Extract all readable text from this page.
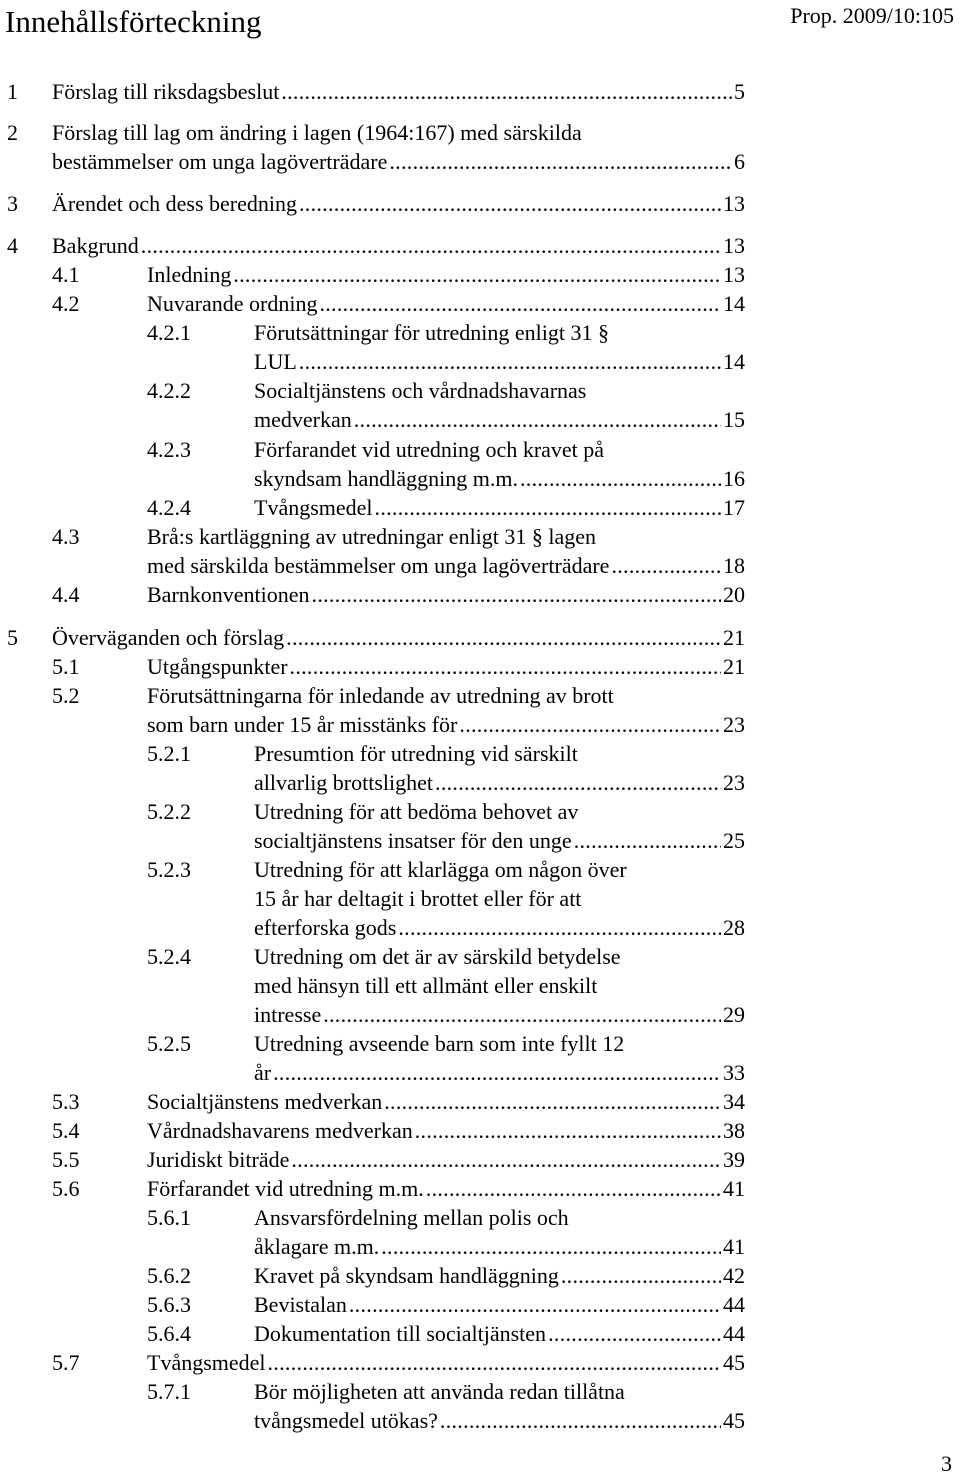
Innehållsförteckning	Prop. 2009/10:105
1 Förslag till riksdagsbeslut . . .	5
2 Förslag till lag om ändring i lagen (1964:167) med särskilda
bestämmelser om unga lagöverträdare . . .	6
3 Ärendet och dess beredning . . .	13
4 Bakgrund . . .	13
4.1	Inledning . . .	13
4.2	Nuvarande ordning . . .	14
4.2.1	Förutsättningar för utredning enligt 31 §
LUL . . .	14
4.2.2	Socialtjänstens och vårdnadshavarnas
medverkan . . .	15
4.2.3	Förfarandet vid utredning och kravet på
skyndsam handläggning m.m. . . .	16
4.2.4	Tvångsmedel . . .	17
4.3	Brå:s kartläggning av utredningar enligt 31 § lagen
med särskilda bestämmelser om unga lagöverträdare . . .	18
4.4	Barnkonventionen . . .	20
5 Överväganden och förslag . . .	21
5.1	Utgångspunkter . . .	21
5.2	Förutsättningarna för inledande av utredning av brott
som barn under 15 år misstänks för . . .	23
5.2.1	Presumtion för utredning vid särskilt
allvarlig brottslighet . . .	23
5.2.2	Utredning för att bedöma behovet av
socialtjänstens insatser för den unge . . .	25
5.2.3	Utredning för att klarlägga om någon över
15 år har deltagit i brottet eller för att
efterforska gods . . .	28
5.2.4	Utredning om det är av särskild betydelse
med hänsyn till ett allmänt eller enskilt
intresse . . .	29
5.2.5	Utredning avseende barn som inte fyllt 12
år . . .	33
5.3	Socialtjänstens medverkan . . .	34
5.4	Vårdnadshavarens medverkan . . .	38
5.5	Juridiskt biträde . . .	39
5.6	Förfarandet vid utredning m.m. . . .	41
5.6.1	Ansvarsfördelning mellan polis och
åklagare m.m. . . .	41
5.6.2	Kravet på skyndsam handläggning . . .	42
5.6.3	Bevistalan . . .	44
5.6.4	Dokumentation till socialtjänsten . . .	44
5.7	Tvångsmedel . . .	45
5.7.1	Bör möjligheten att använda redan tillåtna
tvångsmedel utökas? . . .	45
3
